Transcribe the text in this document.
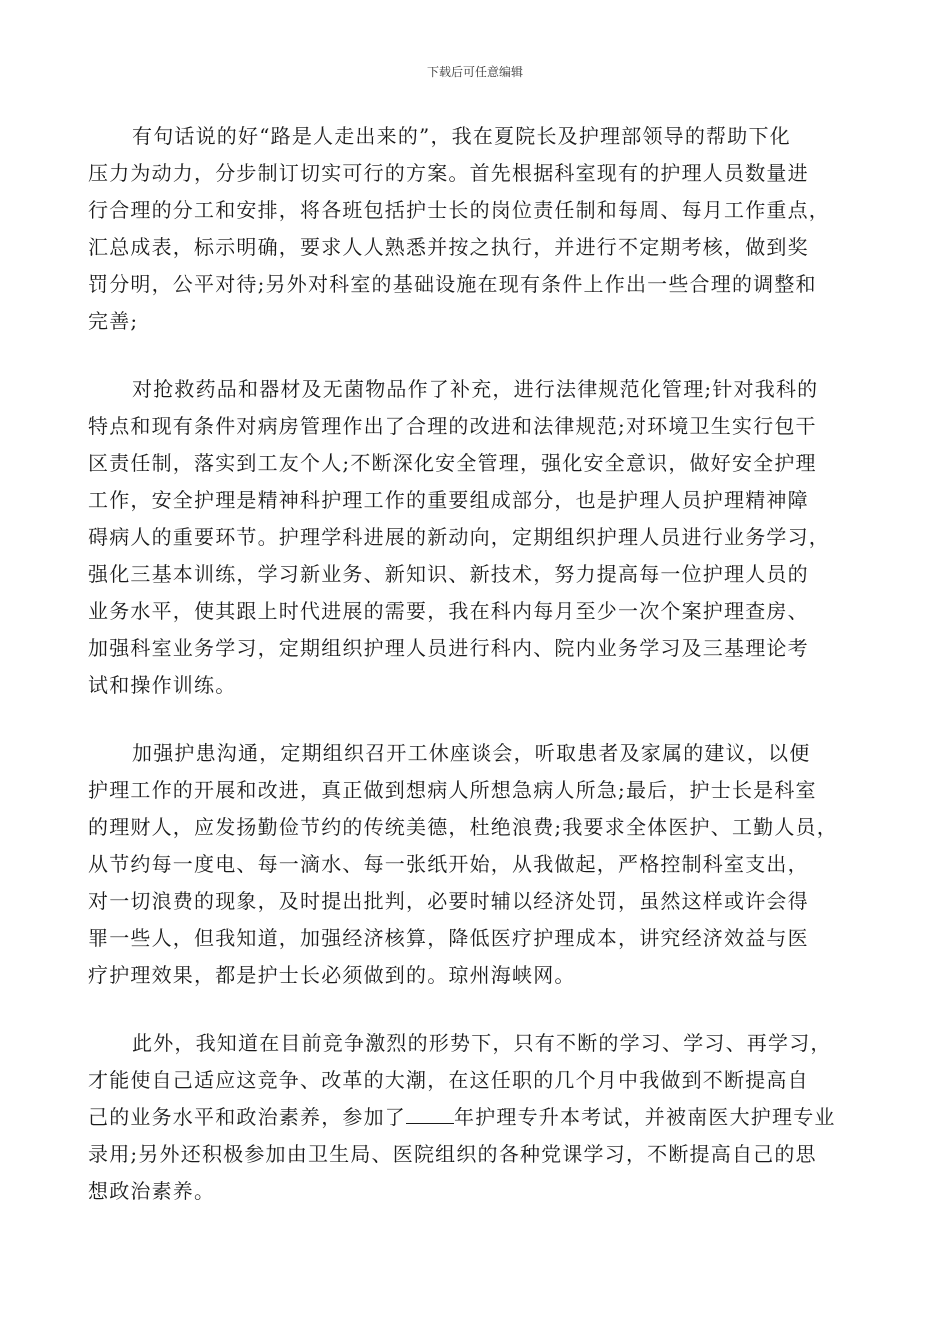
下载后可任意编辑

有句话说的好“路是人走出来的”，我在夏院长及护理部领导的帮助下化
压力为动力，分步制订切实可行的方案。首先根据科室现有的护理人员数量进
行合理的分工和安排，将各班包括护士长的岗位责任制和每周、每月工作重点，
汇总成表，标示明确，要求人人熟悉并按之执行，并进行不定期考核，做到奖
罚分明，公平对待;另外对科室的基础设施在现有条件上作出一些合理的调整和
完善;

对抢救药品和器材及无菌物品作了补充，进行法律规范化管理;针对我科的
特点和现有条件对病房管理作出了合理的改进和法律规范;对环境卫生实行包干
区责任制，落实到工友个人;不断深化安全管理，强化安全意识，做好安全护理
工作，安全护理是精神科护理工作的重要组成部分，也是护理人员护理精神障
碍病人的重要环节。护理学科进展的新动向，定期组织护理人员进行业务学习，
强化三基本训练，学习新业务、新知识、新技术，努力提高每一位护理人员的
业务水平，使其跟上时代进展的需要，我在科内每月至少一次个案护理查房、
加强科室业务学习，定期组织护理人员进行科内、院内业务学习及三基理论考
试和操作训练。

加强护患沟通，定期组织召开工休座谈会，听取患者及家属的建议，以便
护理工作的开展和改进，真正做到想病人所想急病人所急;最后，护士长是科室
的理财人，应发扬勤俭节约的传统美德，杜绝浪费;我要求全体医护、工勤人员，
从节约每一度电、每一滴水、每一张纸开始，从我做起，严格控制科室支出，
对一切浪费的现象，及时提出批判，必要时辅以经济处罚，虽然这样或许会得
罪一些人，但我知道，加强经济核算，降低医疗护理成本，讲究经济效益与医
疗护理效果，都是护士长必须做到的。琼州海峡网。

此外，我知道在目前竞争激烈的形势下，只有不断的学习、学习、再学习，
才能使自己适应这竞争、改革的大潮，在这任职的几个月中我做到不断提高自
己的业务水平和政治素养，参加了 年护理专升本考试，并被南医大护理专业
录用;另外还积极参加由卫生局、医院组织的各种党课学习，不断提高自己的思
想政治素养。
